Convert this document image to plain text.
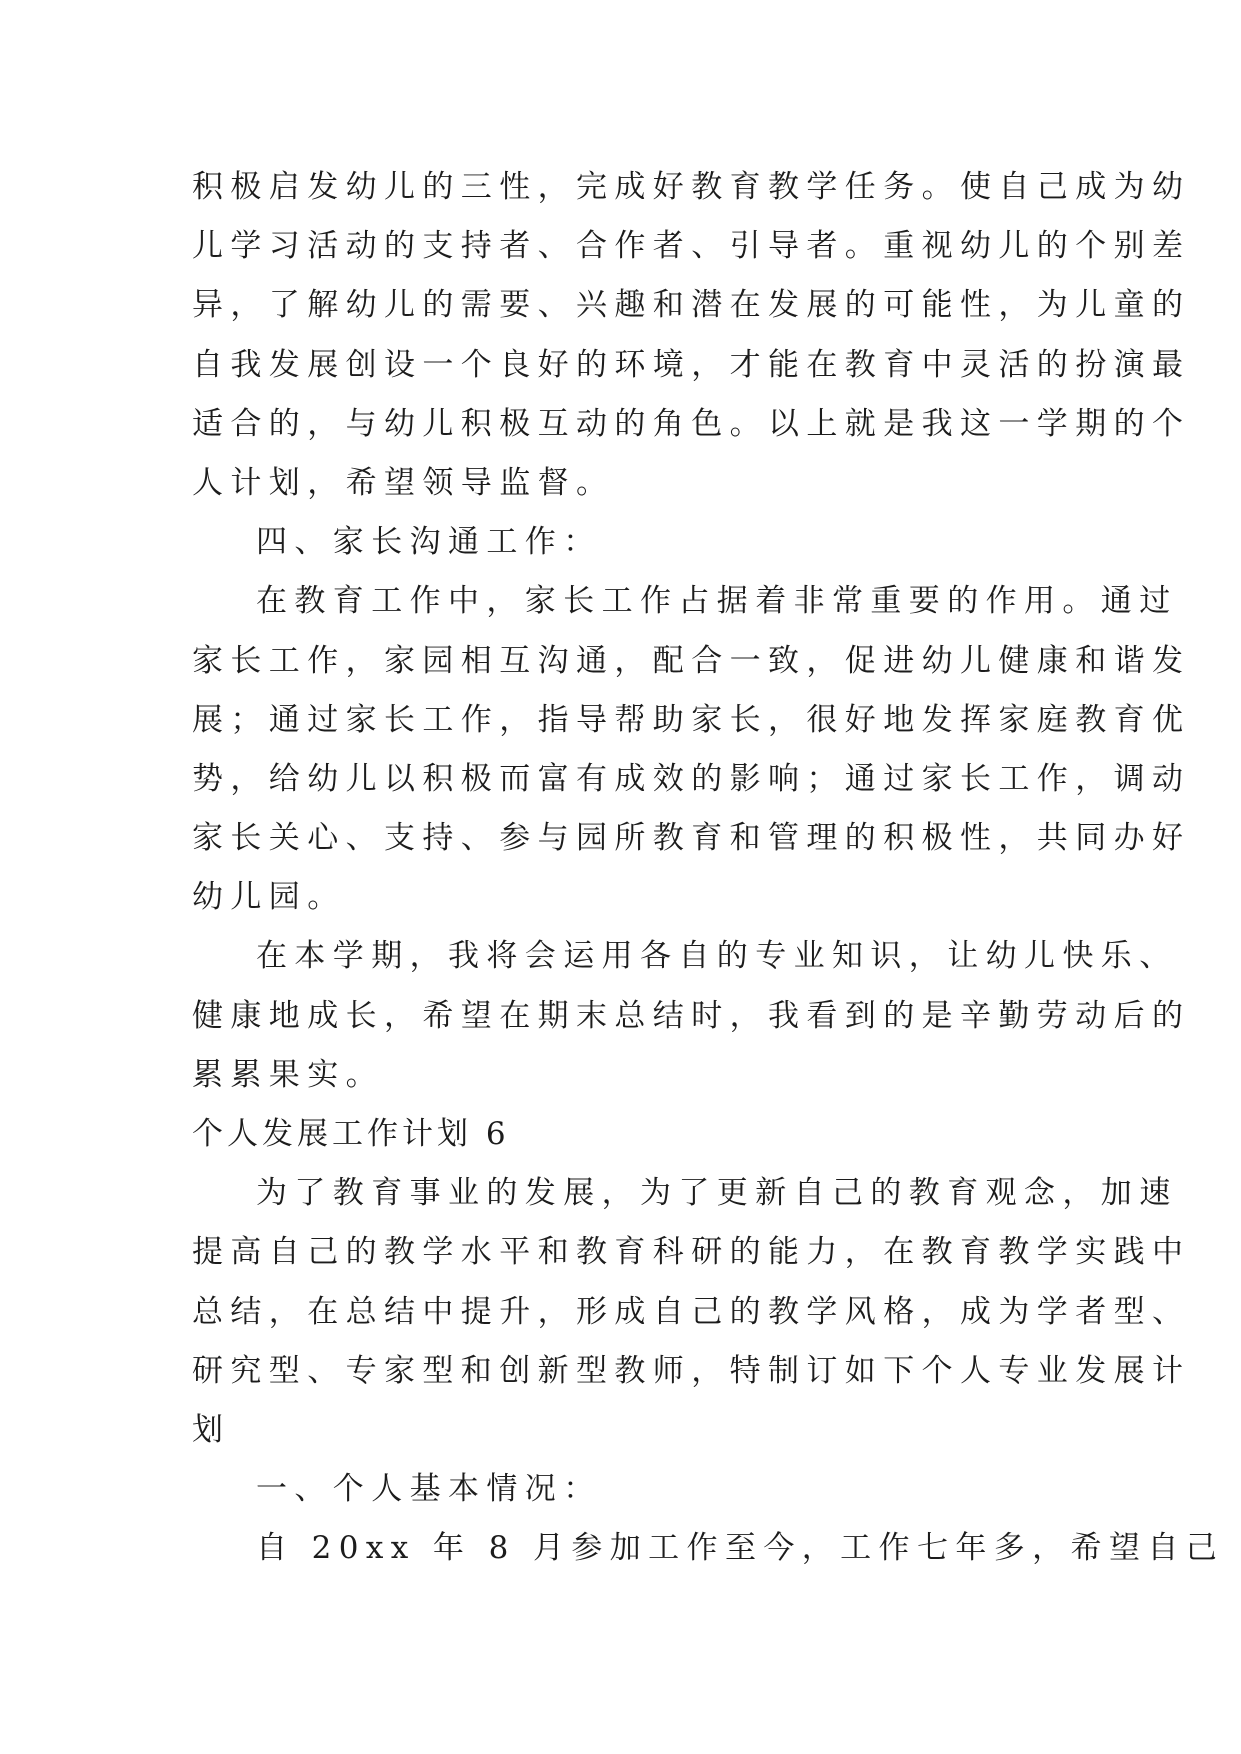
积极启发幼儿的三性，完成好教育教学任务。使自己成为幼
儿学习活动的支持者、合作者、引导者。重视幼儿的个别差
异，了解幼儿的需要、兴趣和潜在发展的可能性，为儿童的
自我发展创设一个良好的环境，才能在教育中灵活的扮演最
适合的，与幼儿积极互动的角色。以上就是我这一学期的个
人计划，希望领导监督。
四、家长沟通工作：
在教育工作中，家长工作占据着非常重要的作用。通过
家长工作，家园相互沟通，配合一致，促进幼儿健康和谐发
展；通过家长工作，指导帮助家长，很好地发挥家庭教育优
势，给幼儿以积极而富有成效的影响；通过家长工作，调动
家长关心、支持、参与园所教育和管理的积极性，共同办好
幼儿园。
在本学期，我将会运用各自的专业知识，让幼儿快乐、
健康地成长，希望在期末总结时，我看到的是辛勤劳动后的
累累果实。
个人发展工作计划 6
为了教育事业的发展，为了更新自己的教育观念，加速
提高自己的教学水平和教育科研的能力，在教育教学实践中
总结，在总结中提升，形成自己的教学风格，成为学者型、
研究型、专家型和创新型教师，特制订如下个人专业发展计
划
一、个人基本情况：
自 20xx 年 8 月参加工作至今，工作七年多，希望自己
